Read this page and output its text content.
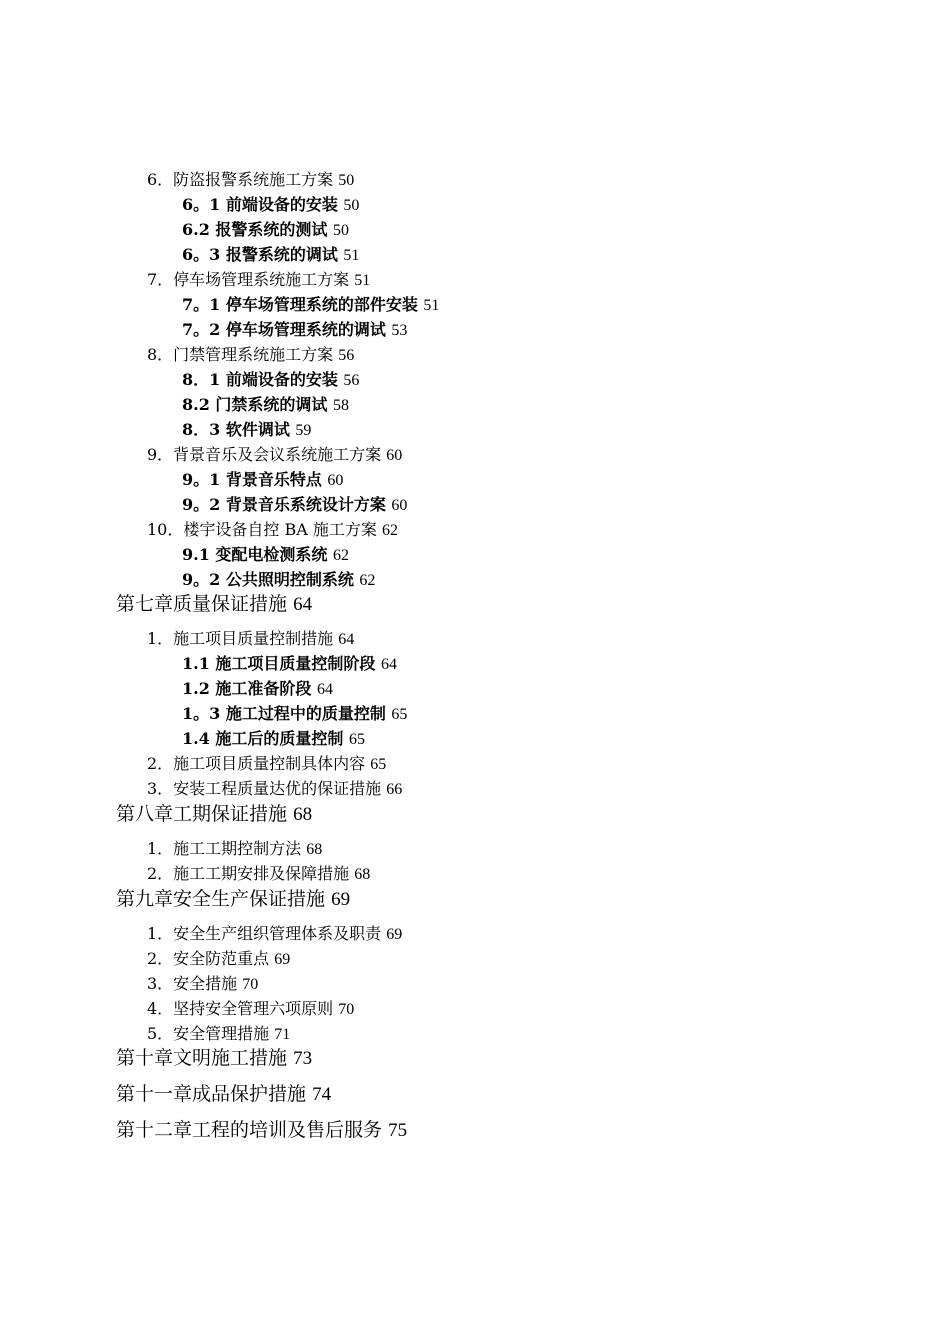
6．防盗报警系统施工方案 50
6。1 前端设备的安装 50
6.2 报警系统的测试 50
6。3 报警系统的调试 51
7．停车场管理系统施工方案 51
7。1 停车场管理系统的部件安装 51
7。2 停车场管理系统的调试 53
8．门禁管理系统施工方案 56
8．1 前端设备的安装 56
8.2 门禁系统的调试 58
8．3 软件调试 59
9．背景音乐及会议系统施工方案 60
9。1 背景音乐特点 60
9。2 背景音乐系统设计方案 60
10．楼宇设备自控 BA 施工方案 62
9.1 变配电检测系统 62
9。2 公共照明控制系统 62
第七章质量保证措施 64
1．施工项目质量控制措施 64
1.1 施工项目质量控制阶段 64
1.2 施工准备阶段 64
1。3 施工过程中的质量控制 65
1.4 施工后的质量控制 65
2．施工项目质量控制具体内容 65
3．安装工程质量达优的保证措施 66
第八章工期保证措施 68
1．施工工期控制方法 68
2．施工工期安排及保障措施 68
第九章安全生产保证措施 69
1．安全生产组织管理体系及职责 69
2．安全防范重点 69
3．安全措施 70
4．坚持安全管理六项原则 70
5．安全管理措施 71
第十章文明施工措施 73
第十一章成品保护措施 74
第十二章工程的培训及售后服务 75
